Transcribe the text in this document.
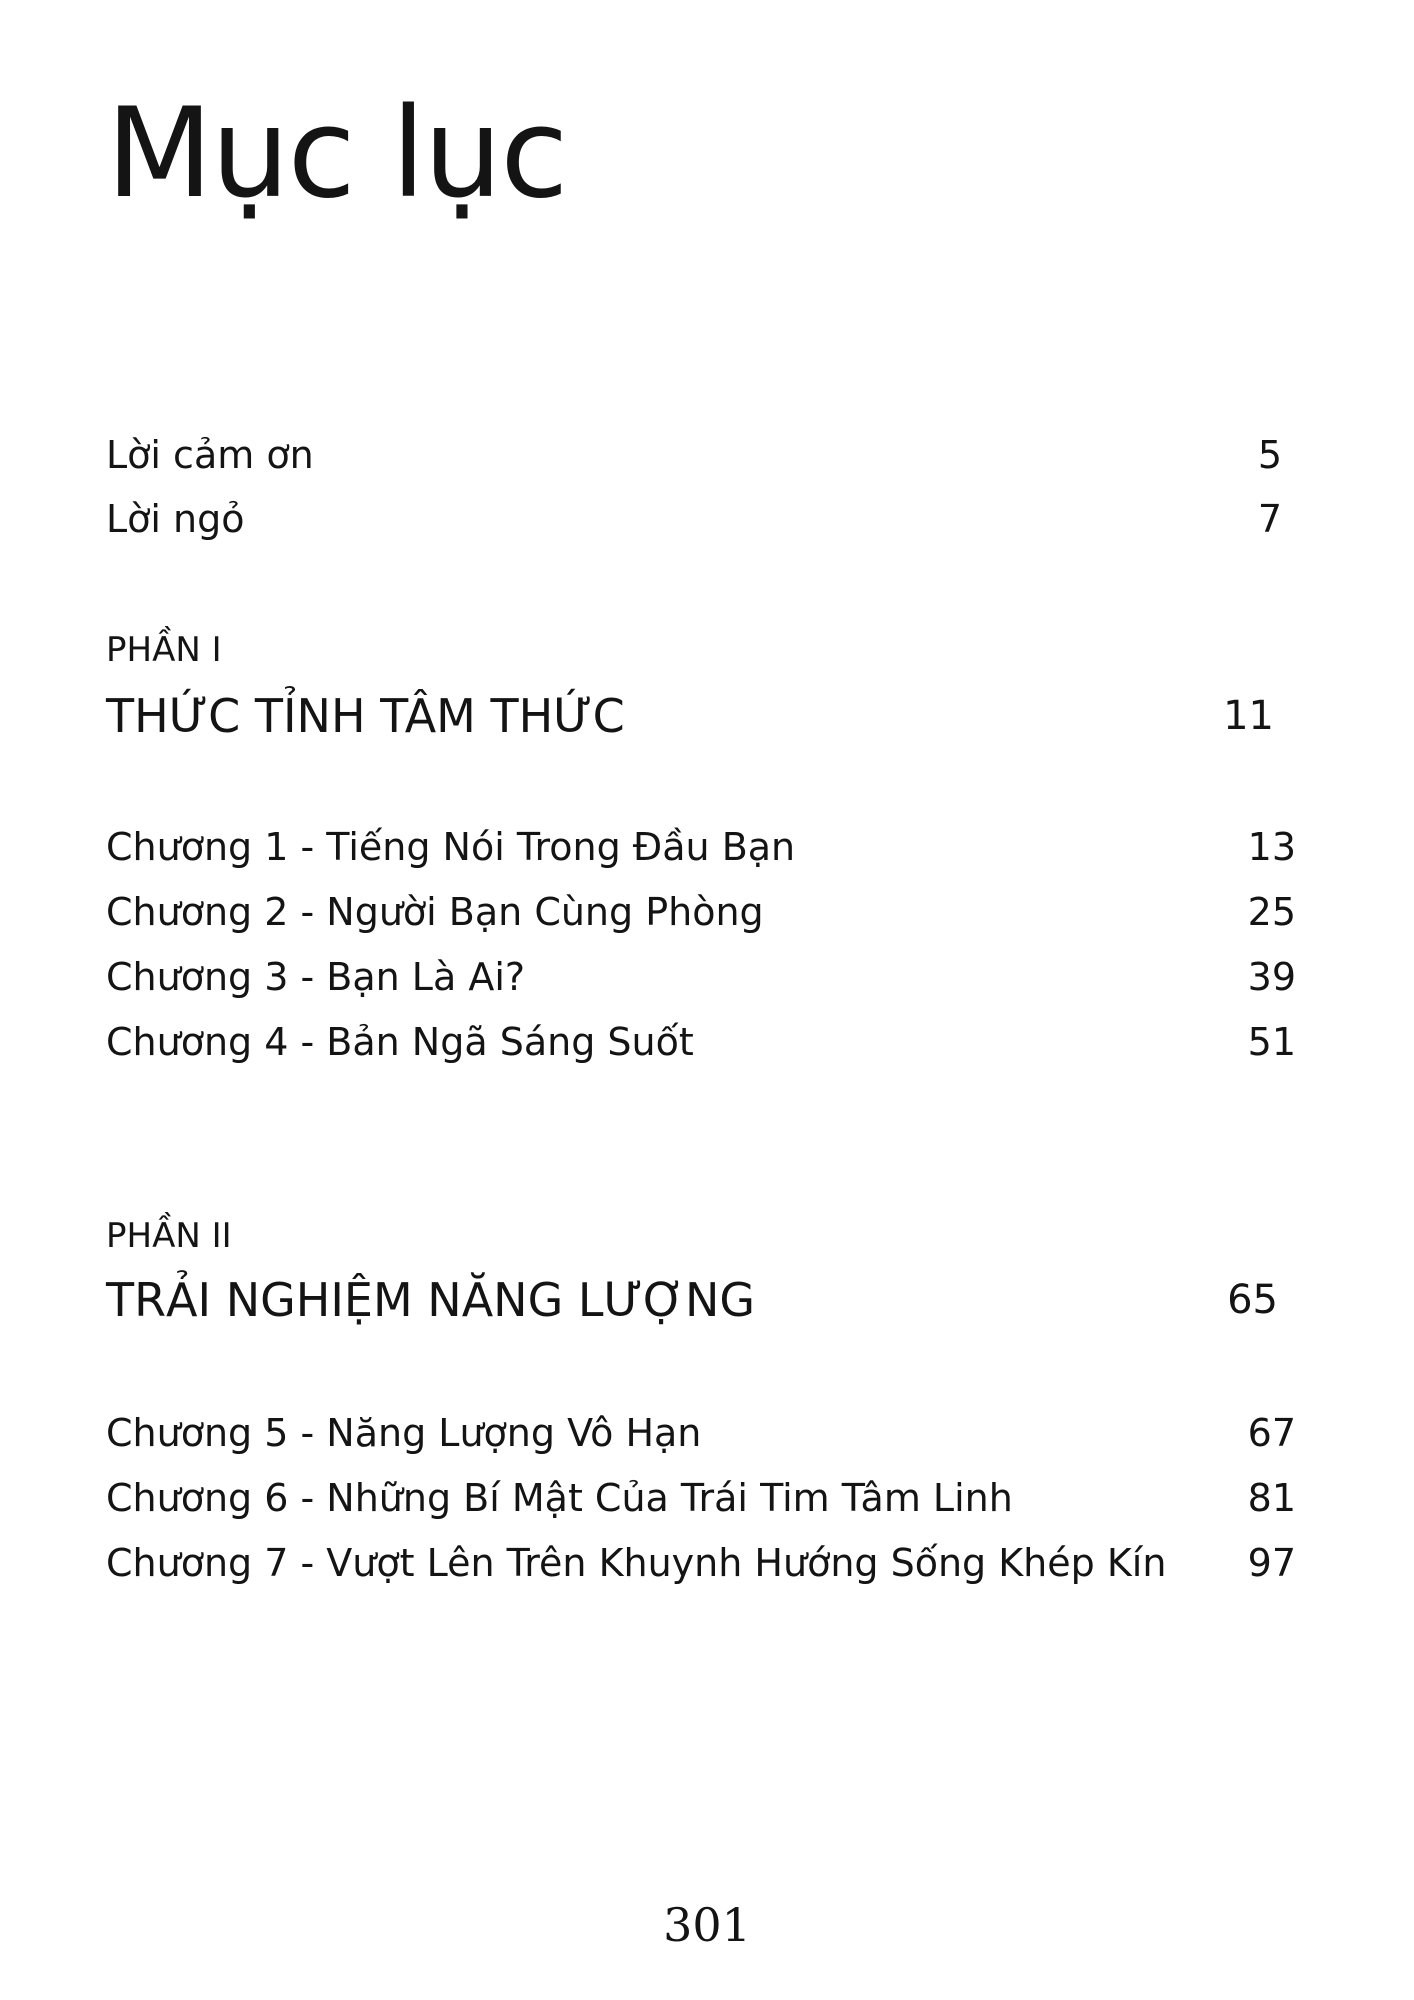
Mục lục
Lời cảm ơn	5
Lời ngỏ	7
PHẦN I
THỨC TỈNH TÂM THỨC	11
Chương 1 - Tiếng Nói Trong Đầu Bạn	13
Chương 2 - Người Bạn Cùng Phòng	25
Chương 3 - Bạn Là Ai?	39
Chương 4 - Bản Ngã Sáng Suốt	51
PHẦN II
TRẢI NGHIỆM NĂNG LƯỢNG	65
Chương 5 - Năng Lượng Vô Hạn	67
Chương 6 - Những Bí Mật Của Trái Tim Tâm Linh	81
Chương 7 - Vượt Lên Trên Khuynh Hướng Sống Khép Kín 97
301
